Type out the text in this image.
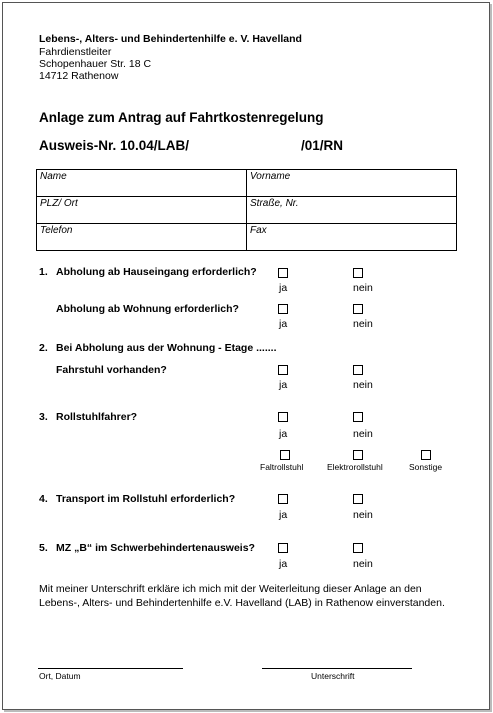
Lebens-, Alters- und Behindertenhilfe e. V. Havelland
Fahrdienstleiter
Schopenhauer Str. 18 C
14712 Rathenow
Anlage zum Antrag auf Fahrtkostenregelung
Ausweis-Nr. 10.04/LAB/	/01/RN
Name	Vorname
PLZ/ Ort	Straße, Nr.
Telefon	Fax
1. Abholung ab Hauseingang erforderlich?
ja	nein
Abholung ab Wohnung erforderlich?
ja	nein
2. Bei Abholung aus der Wohnung - Etage .......
Fahrstuhl vorhanden?
ja	nein
3. Rollstuhlfahrer?
ja	nein
Faltrollstuhl	Elektrorollstuhl	Sonstige
4. Transport im Rollstuhl erforderlich?
ja	nein
5. MZ „B“ im Schwerbehindertenausweis?
ja	nein
Mit meiner Unterschrift erkläre ich mich mit der Weiterleitung dieser Anlage an den Lebens-, Alters- und Behindertenhilfe e.V. Havelland (LAB) in Rathenow einverstanden.
Ort, Datum	Unterschrift
